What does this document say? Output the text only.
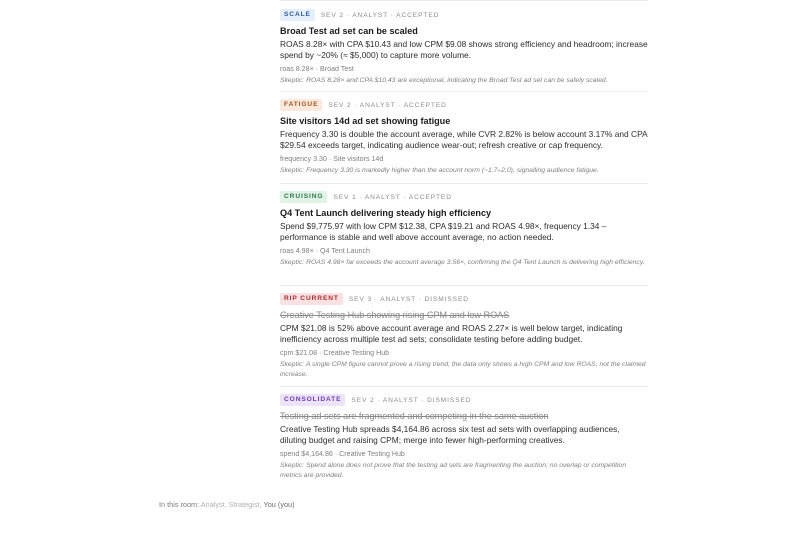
SCALE	SEV 2 · ANALYST · ACCEPTED
Broad Test ad set can be scaled
ROAS 8.28× with CPA $10.43 and low CPM $9.08 shows strong efficiency and headroom; increase spend by ~20% (≈ $5,000) to capture more volume.
roas 8.28× · Broad Test
Skeptic: ROAS 8.28× and CPA $10.43 are exceptional, indicating the Broad Test ad set can be safely scaled.
FATIGUE	SEV 2 · ANALYST · ACCEPTED
Site visitors 14d ad set showing fatigue
Frequency 3.30 is double the account average, while CVR 2.82% is below account 3.17% and CPA $29.54 exceeds target, indicating audience wear-out; refresh creative or cap frequency.
frequency 3.30 · Site visitors 14d
Skeptic: Frequency 3.30 is markedly higher than the account norm (~1.7–2.0), signalling audience fatigue.
CRUISING	SEV 1 · ANALYST · ACCEPTED
Q4 Tent Launch delivering steady high efficiency
Spend $9,775.97 with low CPM $12.38, CPA $19.21 and ROAS 4.98×, frequency 1.34 – performance is stable and well above account average, no action needed.
roas 4.98× · Q4 Tent Launch
Skeptic: ROAS 4.98× far exceeds the account average 3.56×, confirming the Q4 Tent Launch is delivering high efficiency.
RIP CURRENT	SEV 3 · ANALYST · DISMISSED
Creative Testing Hub showing rising CPM and low ROAS
CPM $21.08 is 52% above account average and ROAS 2.27× is well below target, indicating inefficiency across multiple test ad sets; consolidate testing before adding budget.
cpm $21.08 · Creative Testing Hub
Skeptic: A single CPM figure cannot prove a rising trend; the data only shows a high CPM and low ROAS, not the claimed increase.
CONSOLIDATE	SEV 2 · ANALYST · DISMISSED
Testing ad sets are fragmented and competing in the same auction
Creative Testing Hub spreads $4,164.86 across six test ad sets with overlapping audiences, diluting budget and raising CPM; merge into fewer high-performing creatives.
spend $4,164.86 · Creative Testing Hub
Skeptic: Spend alone does not prove that the testing ad sets are fragmenting the auction; no overlap or competition metrics are provided.
In this room: Analyst, Strategist, You (you)
